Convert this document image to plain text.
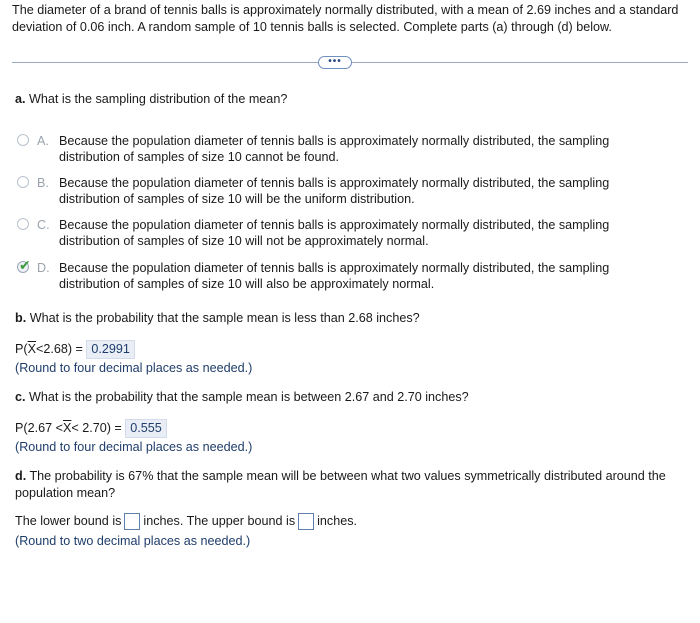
The diameter of a brand of tennis balls is approximately normally distributed, with a mean of 2.69 inches and a standard deviation of 0.06 inch. A random sample of 10 tennis balls is selected. Complete parts (a) through (d) below.
•••
a. What is the sampling distribution of the mean?
A. Because the population diameter of tennis balls is approximately normally distributed, the sampling distribution of samples of size 10 cannot be found.
B. Because the population diameter of tennis balls is approximately normally distributed, the sampling distribution of samples of size 10 will be the uniform distribution.
C. Because the population diameter of tennis balls is approximately normally distributed, the sampling distribution of samples of size 10 will not be approximately normal.
✔ D. Because the population diameter of tennis balls is approximately normally distributed, the sampling distribution of samples of size 10 will also be approximately normal.
b. What is the probability that the sample mean is less than 2.68 inches?
$P(\overline{X}<2.68) = 0.2991$
(Round to four decimal places as needed.)
c. What is the probability that the sample mean is between 2.67 and 2.70 inches?
$P(2.67 <\overline{X}< 2.70) = 0.555$
(Round to four decimal places as needed.)
d. The probability is 67% that the sample mean will be between what two values symmetrically distributed around the population mean?
The lower bound is inches. The upper bound is inches.
(Round to two decimal places as needed.)
